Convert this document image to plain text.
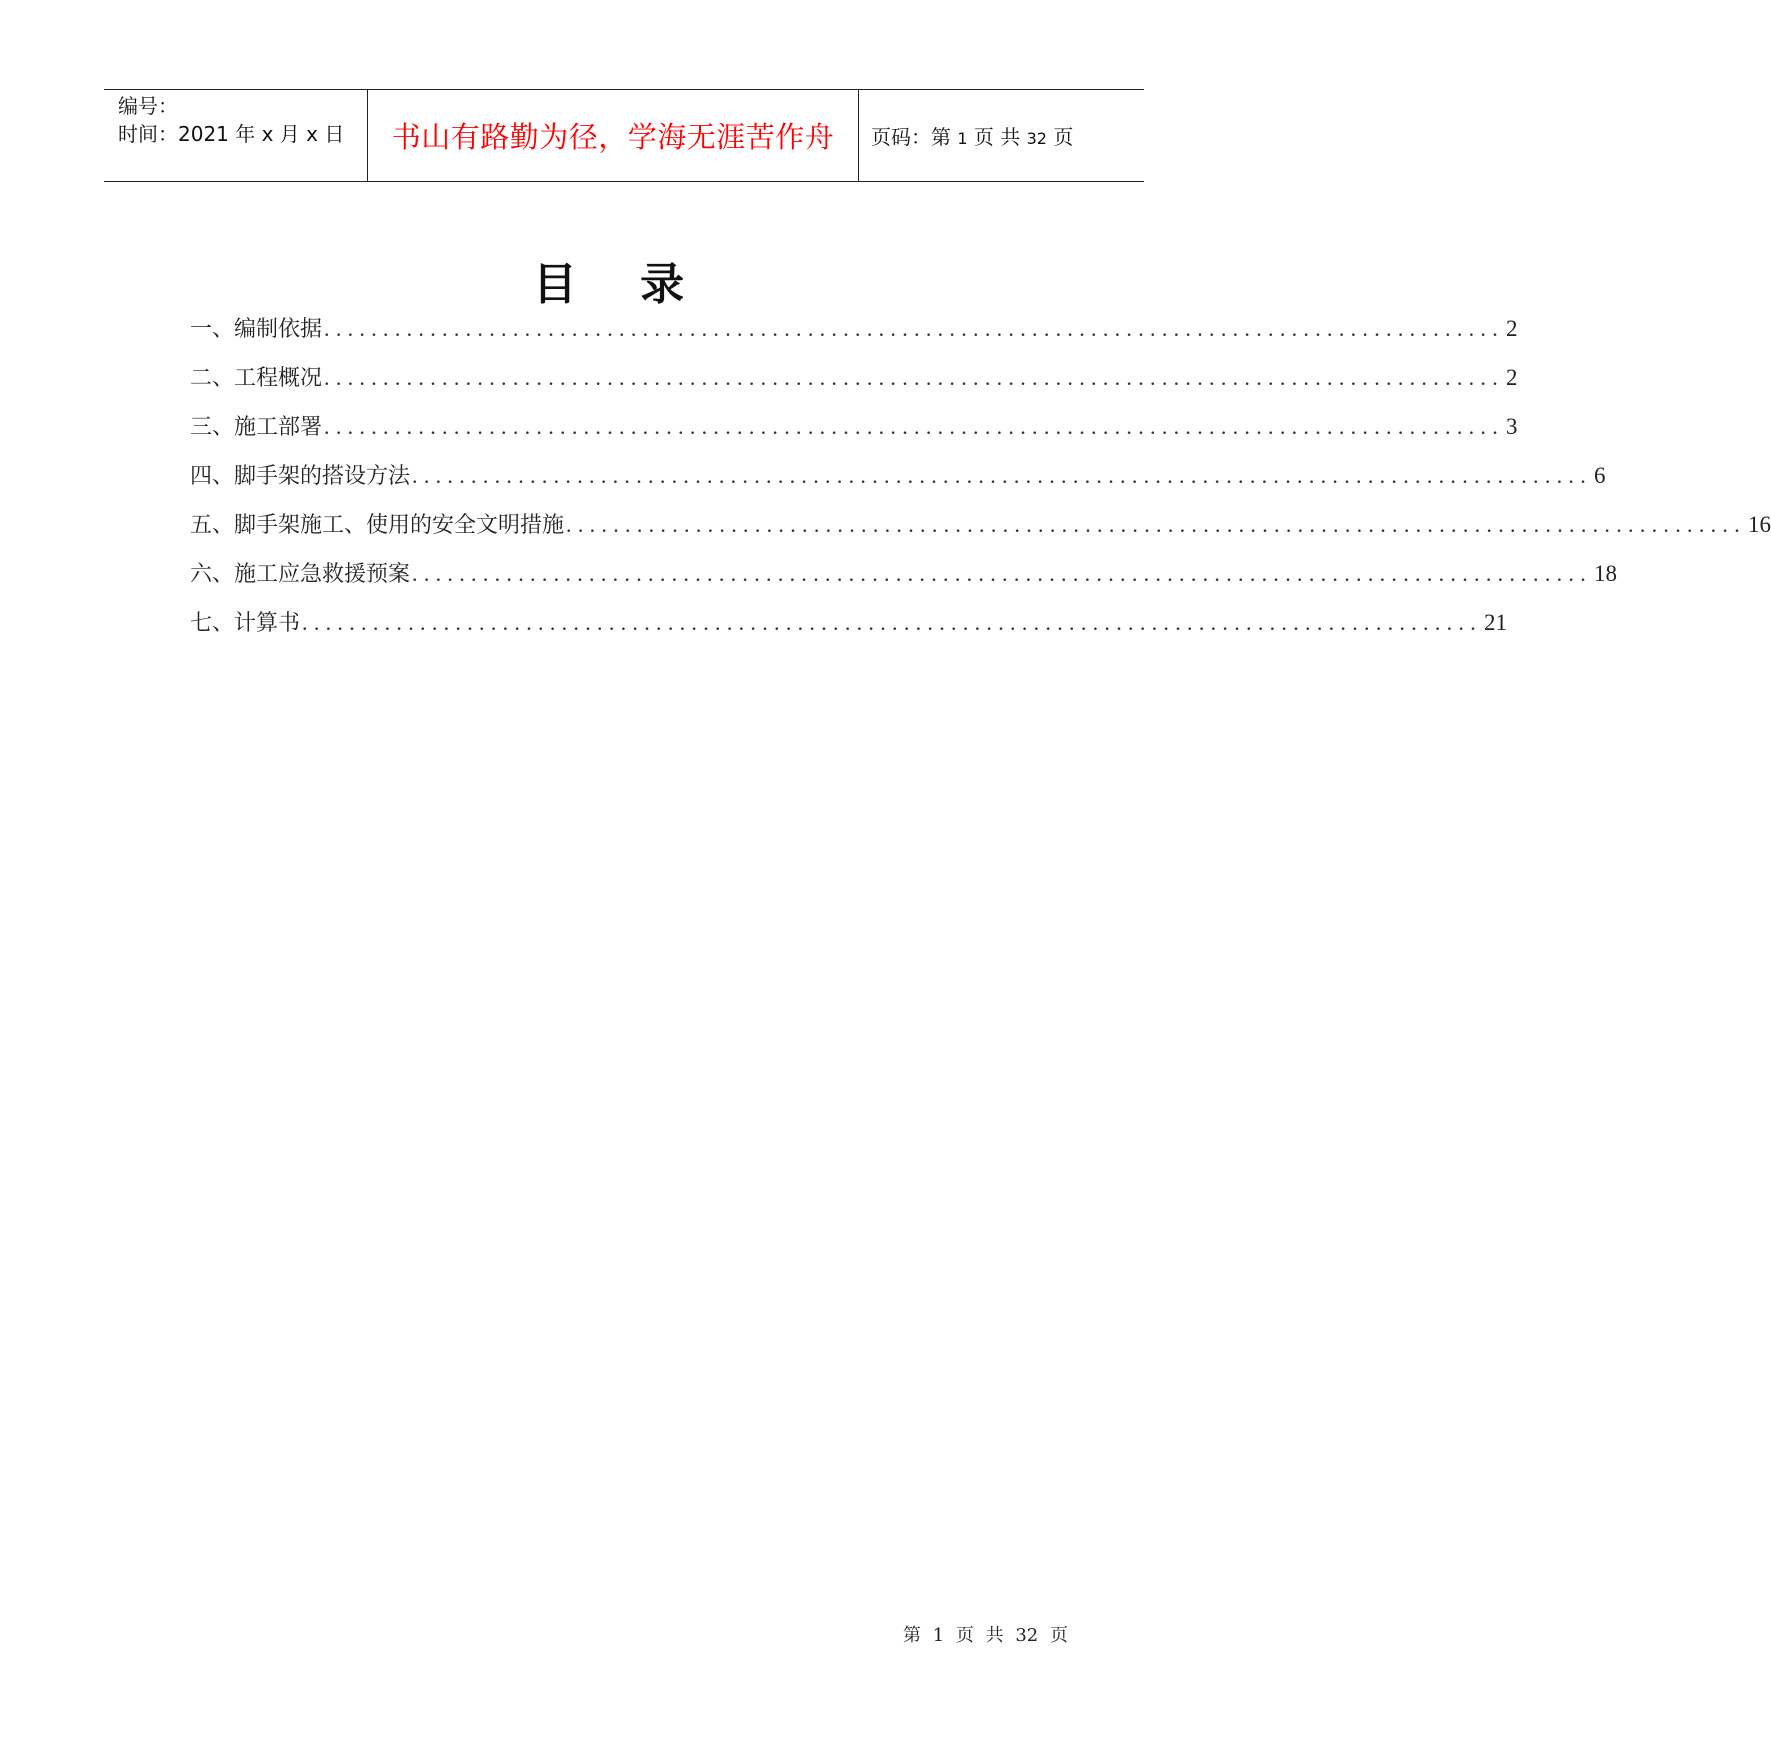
编号：
时间：2021 年 x 月 x 日 书山有路勤为径，学海无涯苦作舟 页码：第 1 页 共 32 页
目 录
一、编制依据 .................................................................................................... 2
二、工程概况 .................................................................................................... 2
三、施工部署 .................................................................................................... 3
四、脚手架的搭设方法 .................................................................................................... 6
五、脚手架施工、使用的安全文明措施 .................................................................................................... 16
六、施工应急救援预案 .................................................................................................... 18
七、计算书 .................................................................................................... 21
第 1 页 共 32 页
